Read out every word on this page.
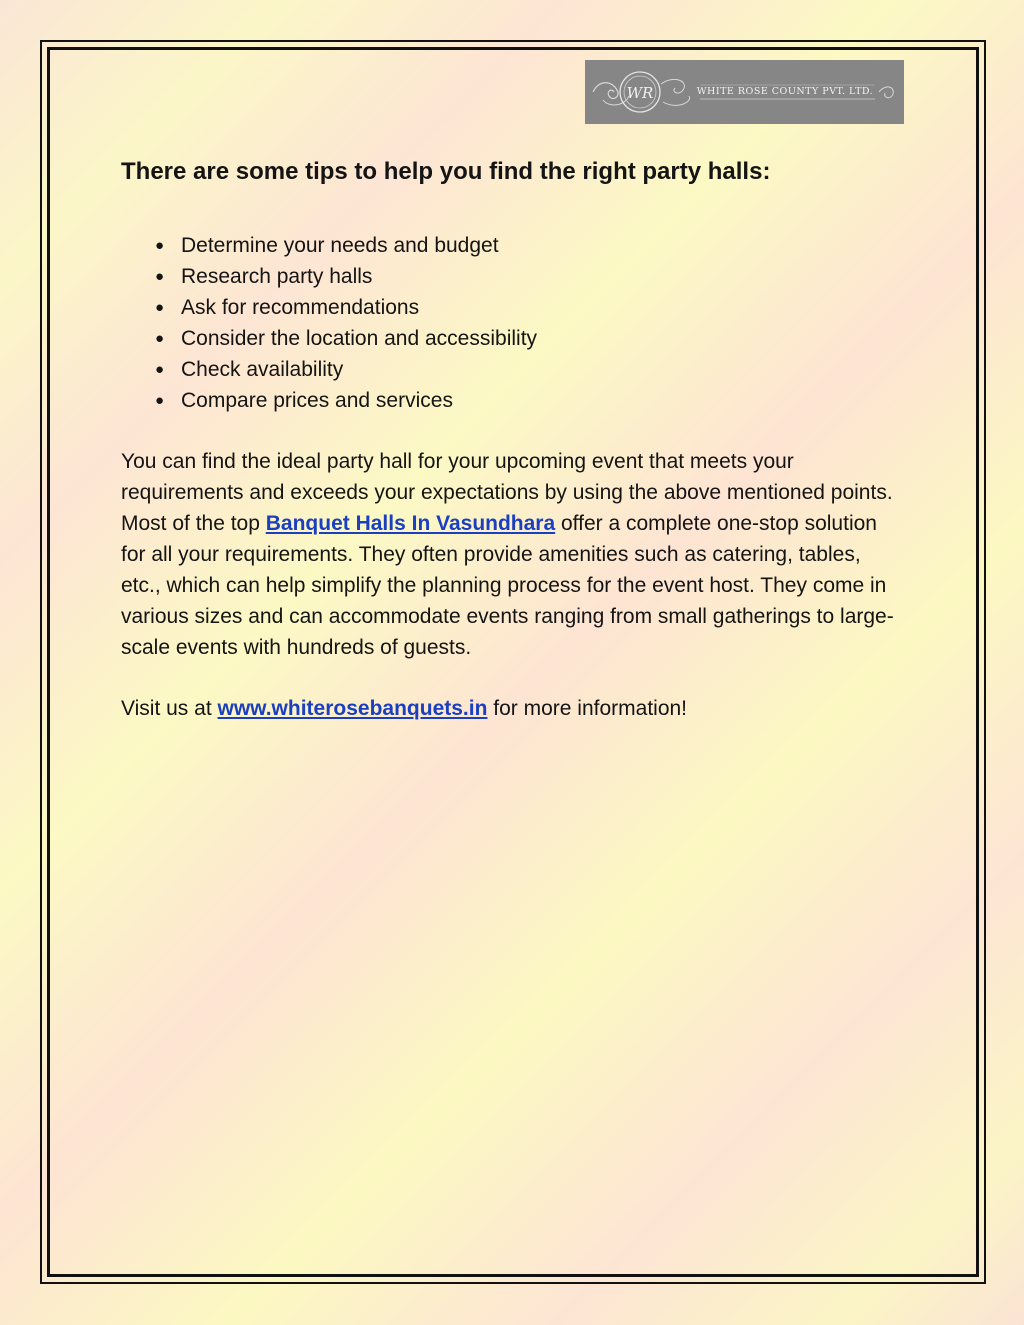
WR	WHITE ROSE COUNTY PVT. LTD.
There are some tips to help you find the right party halls:
● Determine your needs and budget
● Research party halls
● Ask for recommendations
● Consider the location and accessibility
● Check availability
● Compare prices and services

You can find the ideal party hall for your upcoming event that meets your requirements and exceeds your expectations by using the above mentioned points. Most of the top Banquet Halls In Vasundhara offer a complete one-stop solution for all your requirements. They often provide amenities such as catering, tables, etc., which can help simplify the planning process for the event host. They come in various sizes and can accommodate events ranging from small gatherings to large-scale events with hundreds of guests.

Visit us at www.whiterosebanquets.in for more information!
